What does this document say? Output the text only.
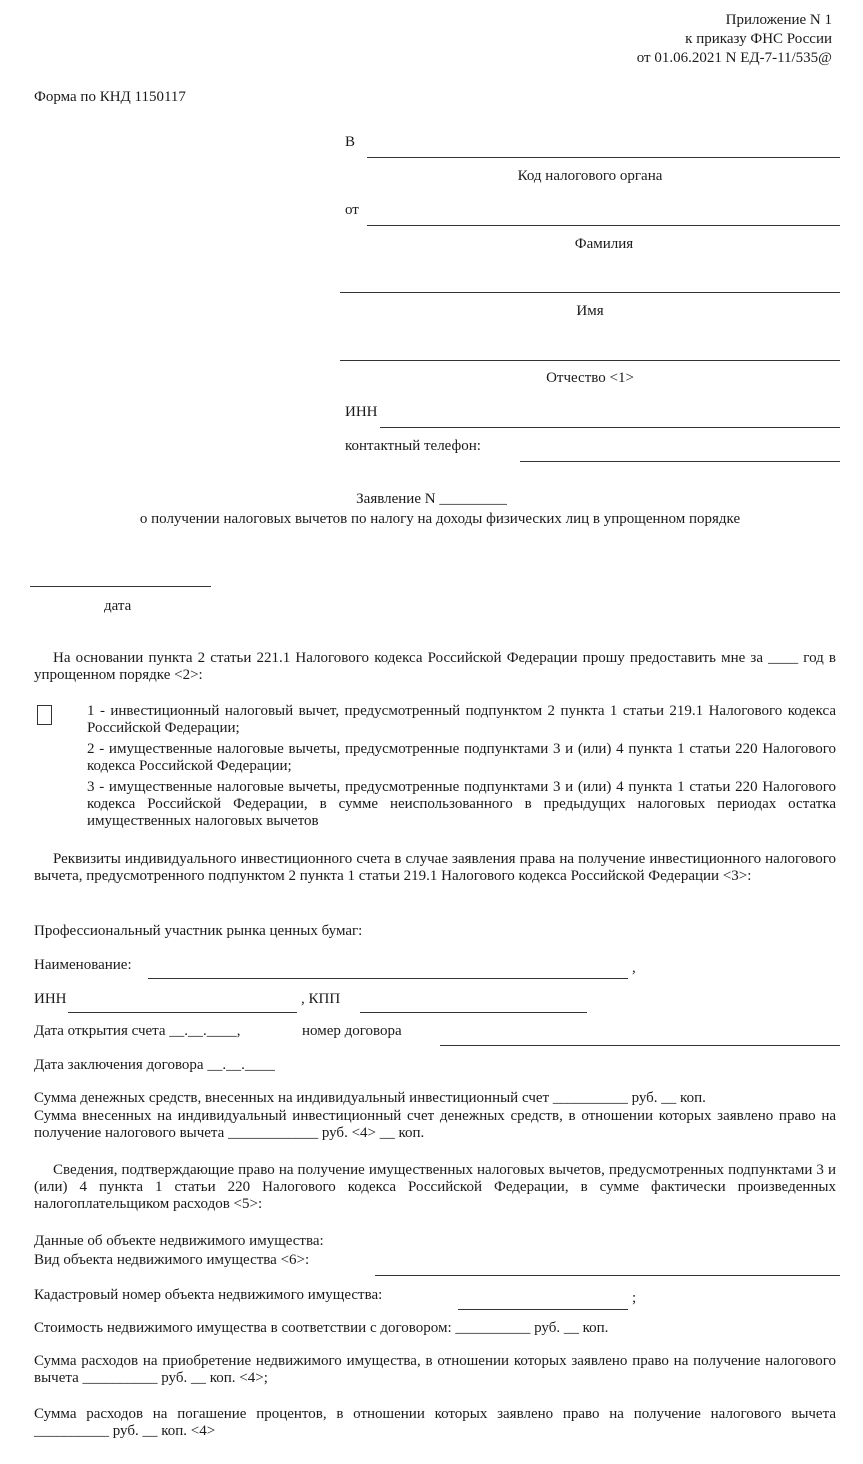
Приложение N 1
к приказу ФНС России
от 01.06.2021 N ЕД-7-11/535@
Форма по КНД 1150117
В
Код налогового органа
от
Фамилия
Имя
Отчество <1>
ИНН
контактный телефон:
Заявление N _________
о получении налоговых вычетов по налогу на доходы физических лиц в упрощенном порядке
дата
На основании пункта 2 статьи 221.1 Налогового кодекса Российской Федерации прошу предоставить мне за ____ год в упрощенном порядке <2>:
1 - инвестиционный налоговый вычет, предусмотренный подпунктом 2 пункта 1 статьи 219.1 Налогового кодекса Российской Федерации;
2 - имущественные налоговые вычеты, предусмотренные подпунктами 3 и (или) 4 пункта 1 статьи 220 Налогового кодекса Российской Федерации;
3 - имущественные налоговые вычеты, предусмотренные подпунктами 3 и (или) 4 пункта 1 статьи 220 Налогового кодекса Российской Федерации, в сумме неиспользованного в предыдущих налоговых периодах остатка имущественных налоговых вычетов
Реквизиты индивидуального инвестиционного счета в случае заявления права на получение инвестиционного налогового вычета, предусмотренного подпунктом 2 пункта 1 статьи 219.1 Налогового кодекса Российской Федерации <3>:
Профессиональный участник рынка ценных бумаг:
Наименование:	,
ИНН	, КПП
Дата открытия счета __.__.____,	номер договора
Дата заключения договора __.__.____
Сумма денежных средств, внесенных на индивидуальный инвестиционный счет __________ руб. __ коп.
Сумма внесенных на индивидуальный инвестиционный счет денежных средств, в отношении которых заявлено право на получение налогового вычета ____________ руб. <4> __ коп.
Сведения, подтверждающие право на получение имущественных налоговых вычетов, предусмотренных подпунктами 3 и (или) 4 пункта 1 статьи 220 Налогового кодекса Российской Федерации, в сумме фактически произведенных налогоплательщиком расходов <5>:
Данные об объекте недвижимого имущества:
Вид объекта недвижимого имущества <6>:
Кадастровый номер объекта недвижимого имущества:	;
Стоимость недвижимого имущества в соответствии с договором: __________ руб. __ коп.
Сумма расходов на приобретение недвижимого имущества, в отношении которых заявлено право на получение налогового вычета __________ руб. __ коп. <4>;
Сумма расходов на погашение процентов, в отношении которых заявлено право на получение налогового вычета __________ руб. __ коп. <4>
